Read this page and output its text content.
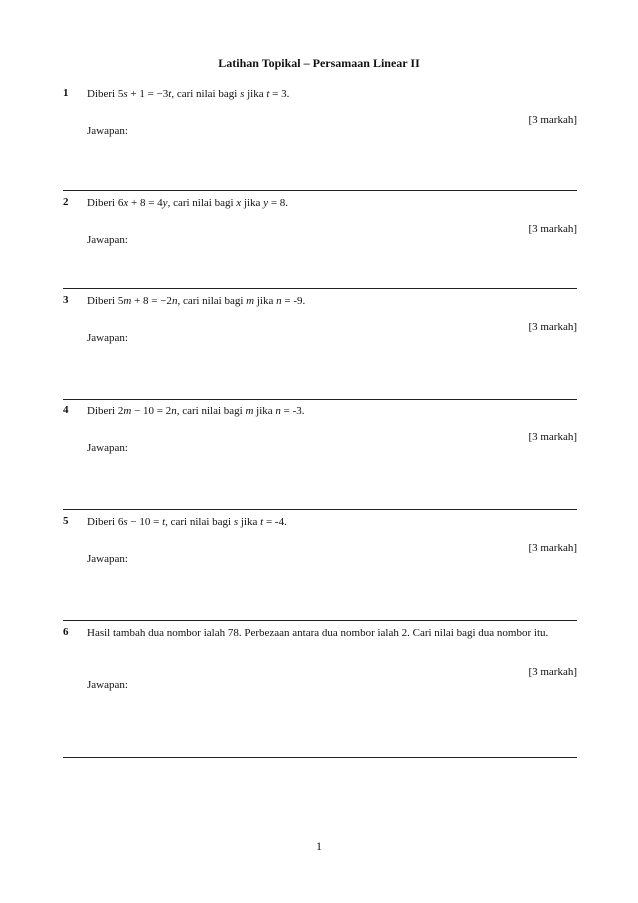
Latihan Topikal – Persamaan Linear II
1 Diberi 5s + 1 = −3t, cari nilai bagi s jika t = 3.
[3 markah]
Jawapan:
2 Diberi 6x + 8 = 4y, cari nilai bagi x jika y = 8.
[3 markah]
Jawapan:
3 Diberi 5m + 8 = −2n, cari nilai bagi m jika n = -9.
[3 markah]
Jawapan:
4 Diberi 2m − 10 = 2n, cari nilai bagi m jika n = -3.
[3 markah]
Jawapan:
5 Diberi 6s − 10 = t, cari nilai bagi s jika t = -4.
[3 markah]
Jawapan:
6 Hasil tambah dua nombor ialah 78. Perbezaan antara dua nombor ialah 2. Cari nilai bagi dua nombor itu.
[3 markah]
Jawapan:
1
